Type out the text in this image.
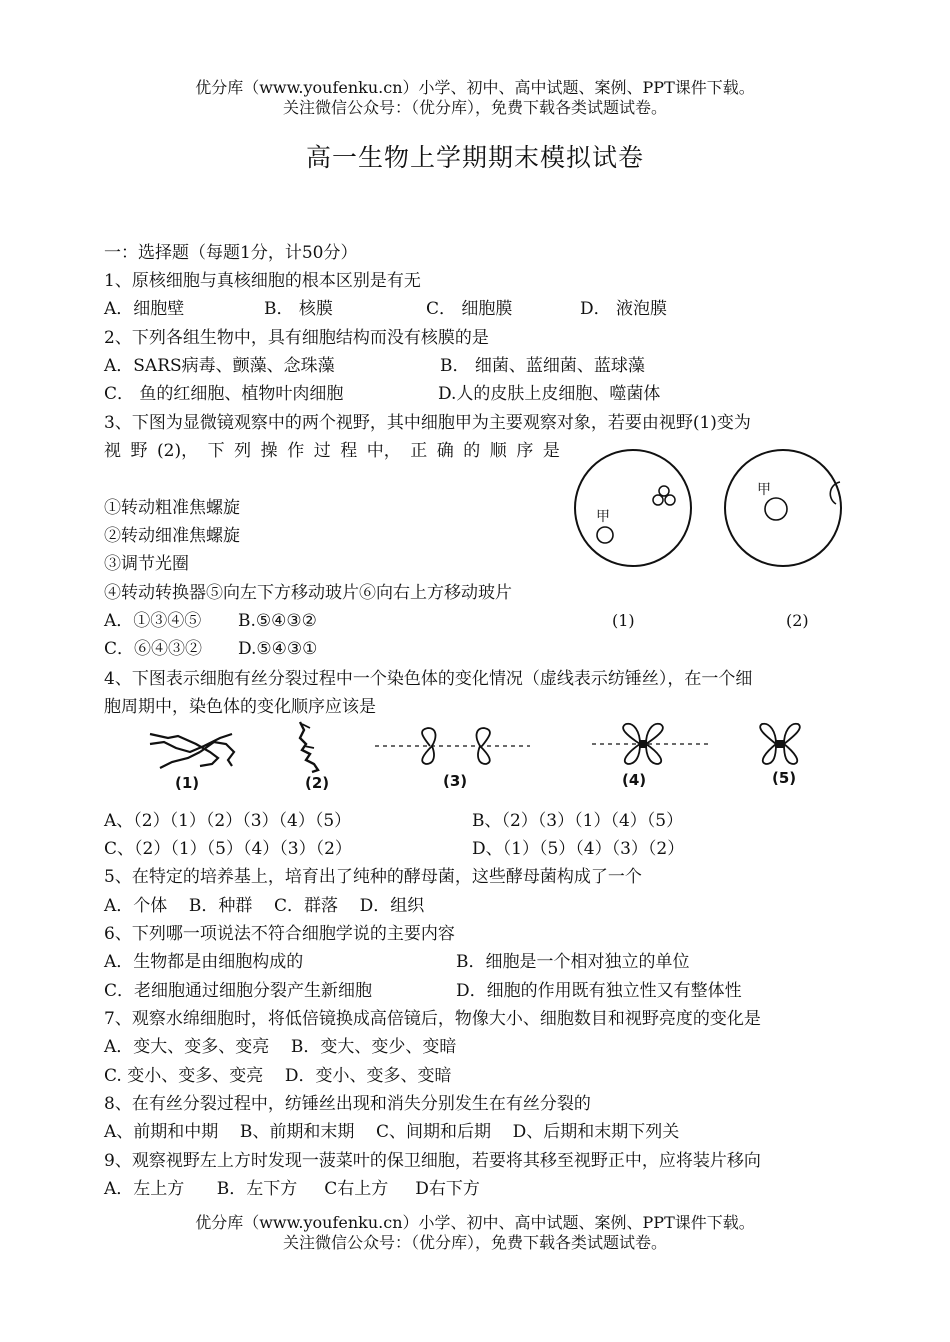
优分库（www.youfenku.cn）小学、初中、高中试题、案例、PPT课件下载。
关注微信公众号：（优分库），免费下载各类试题试卷。
高一生物上学期期末模拟试卷
一：选择题（每题1分，计50分）
1、原核细胞与真核细胞的根本区别是有无
A．细胞壁	B． 核膜	C． 细胞膜	D． 液泡膜
2、下列各组生物中，具有细胞结构而没有核膜的是
A．SARS病毒、颤藻、念珠藻	B． 细菌、蓝细菌、蓝球藻
C． 鱼的红细胞、植物叶肉细胞	D.人的皮肤上皮细胞、噬菌体
3、下图为显微镜观察中的两个视野，其中细胞甲为主要观察对象，若要由视野(1)变为
视 野 (2)， 下 列 操 作 过 程 中， 正 确 的 顺 序 是
①转动粗准焦螺旋
②转动细准焦螺旋
③调节光圈
④转动转换器⑤向左下方移动玻片⑥向右上方移动玻片
A．①③④⑤ B.⑤④③②
C．⑥④③② D.⑤④③①
甲
甲
(1)	(2)
4、下图表示细胞有丝分裂过程中一个染色体的变化情况（虚线表示纺锤丝），在一个细
胞周期中，染色体的变化顺序应该是
(1)	(2)	(3)	(4)	(5)
A、（2）（1）（2）（3）（4）（5）	B、（2）（3）（1）（4）（5）
C、（2）（1）（5）（4）（3）（2）	D、（1）（5）（4）（3）（2）
5、在特定的培养基上，培育出了纯种的酵母菌，这些酵母菌构成了一个
A．个体    B．种群    C．群落    D．组织
6、下列哪一项说法不符合细胞学说的主要内容
A．生物都是由细胞构成的	B．细胞是一个相对独立的单位
C．老细胞通过细胞分裂产生新细胞	D．细胞的作用既有独立性又有整体性
7、观察水绵细胞时，将低倍镜换成高倍镜后，物像大小、细胞数目和视野亮度的变化是
A．变大、变多、变亮    B．变大、变少、变暗
C. 变小、变多、变亮    D．变小、变多、变暗
8、在有丝分裂过程中，纺锤丝出现和消失分别发生在有丝分裂的
A、前期和中期    B、前期和末期    C、间期和后期    D、后期和末期下列关
9、观察视野左上方时发现一菠菜叶的保卫细胞，若要将其移至视野正中，应将装片移向
A．左上方      B．左下方     C右上方     D右下方
优分库（www.youfenku.cn）小学、初中、高中试题、案例、PPT课件下载。
关注微信公众号：（优分库），免费下载各类试题试卷。
